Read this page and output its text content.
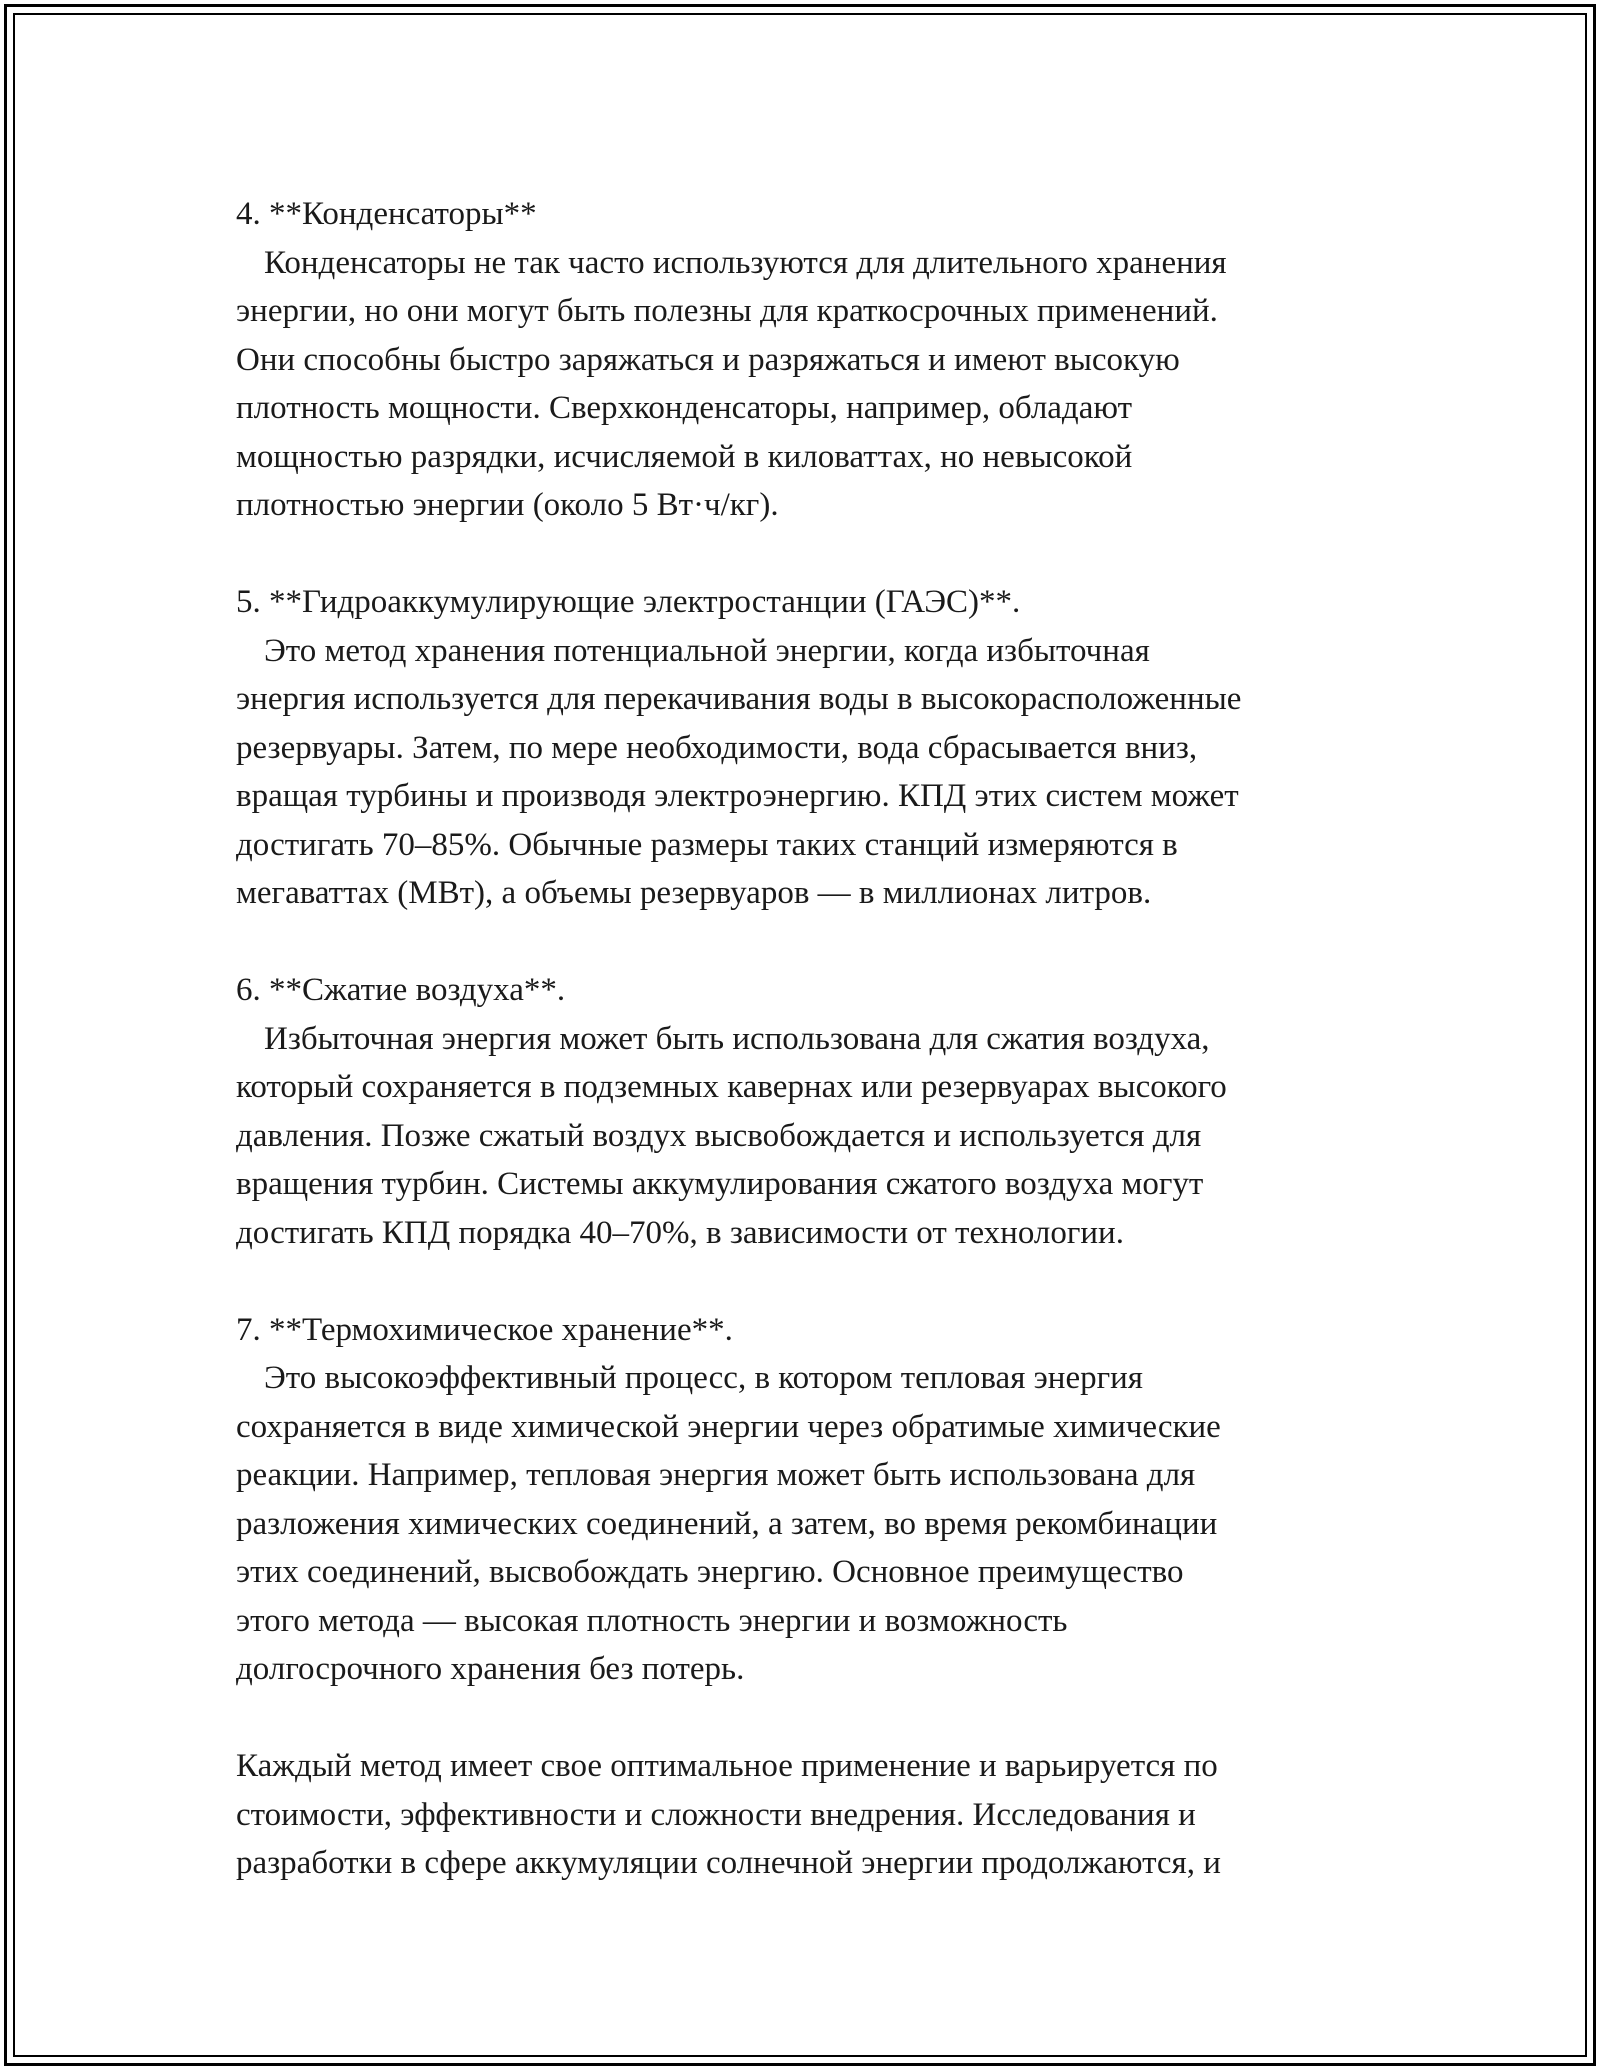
4. **Конденсаторы**

Конденсаторы не так часто используются для длительного хранения

энергии, но они могут быть полезны для краткосрочных применений.

Они способны быстро заряжаться и разряжаться и имеют высокую

плотность мощности. Сверхконденсаторы, например, обладают

мощностью разрядки, исчисляемой в киловаттах, но невысокой

плотностью энергии (около 5 Вт·ч/кг).

5. **Гидроаккумулирующие электростанции (ГАЭС)**.

Это метод хранения потенциальной энергии, когда избыточная

энергия используется для перекачивания воды в высокорасположенные

резервуары. Затем, по мере необходимости, вода сбрасывается вниз,

вращая турбины и производя электроэнергию. КПД этих систем может

достигать 70–85%. Обычные размеры таких станций измеряются в

мегаваттах (МВт), а объемы резервуаров — в миллионах литров.

6. **Сжатие воздуха**.

Избыточная энергия может быть использована для сжатия воздуха,

который сохраняется в подземных кавернах или резервуарах высокого

давления. Позже сжатый воздух высвобождается и используется для

вращения турбин. Системы аккумулирования сжатого воздуха могут

достигать КПД порядка 40–70%, в зависимости от технологии.

7. **Термохимическое хранение**.

Это высокоэффективный процесс, в котором тепловая энергия

сохраняется в виде химической энергии через обратимые химические

реакции. Например, тепловая энергия может быть использована для

разложения химических соединений, а затем, во время рекомбинации

этих соединений, высвобождать энергию. Основное преимущество

этого метода — высокая плотность энергии и возможность

долгосрочного хранения без потерь.

Каждый метод имеет свое оптимальное применение и варьируется по

стоимости, эффективности и сложности внедрения. Исследования и

разработки в сфере аккумуляции солнечной энергии продолжаются, и
